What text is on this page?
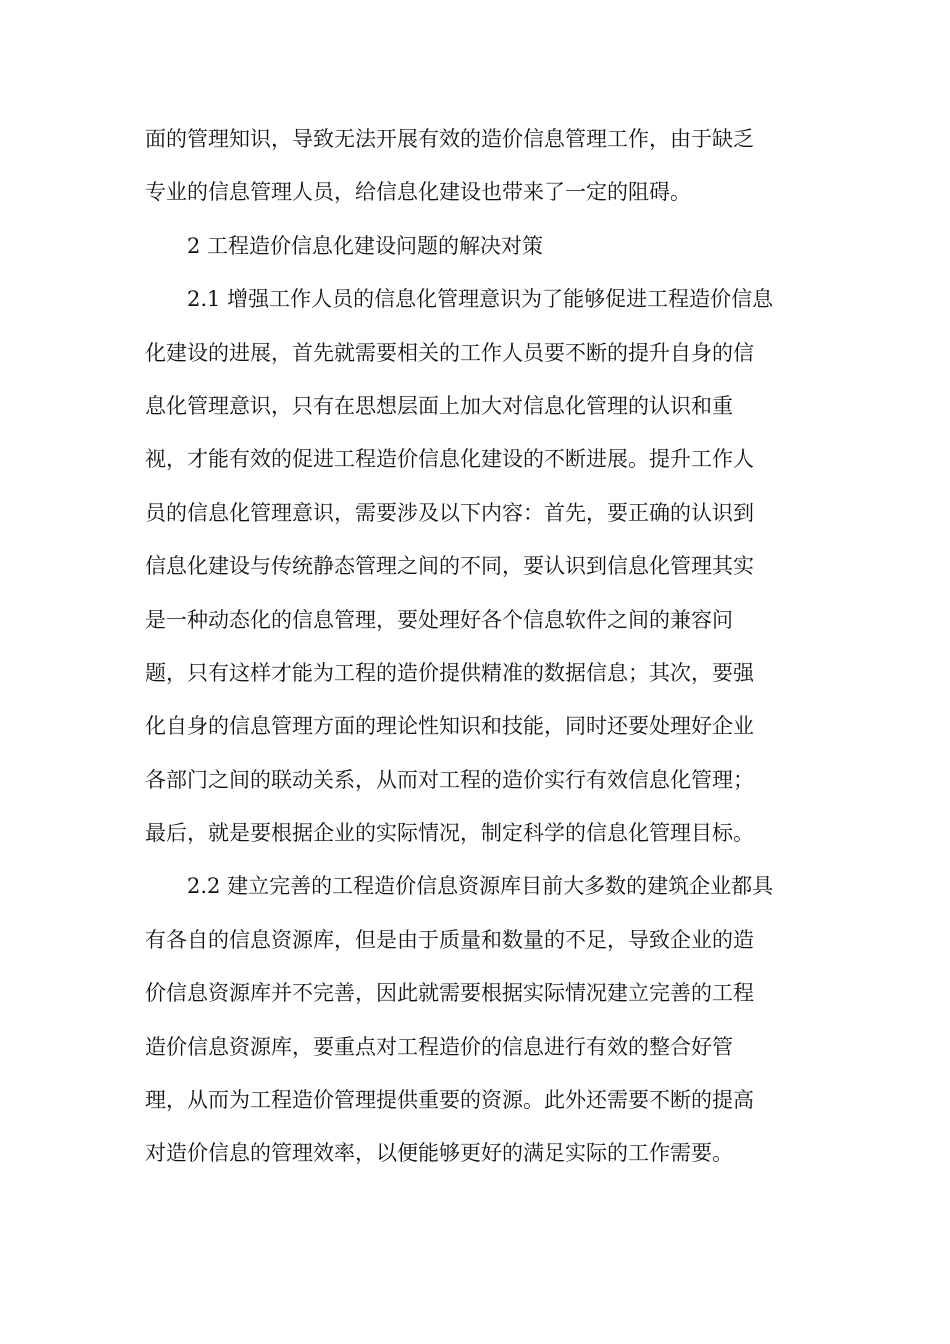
面的管理知识，导致无法开展有效的造价信息管理工作，由于缺乏
专业的信息管理人员，给信息化建设也带来了一定的阻碍。
2 工程造价信息化建设问题的解决对策
2.1 增强工作人员的信息化管理意识为了能够促进工程造价信息
化建设的进展，首先就需要相关的工作人员要不断的提升自身的信
息化管理意识，只有在思想层面上加大对信息化管理的认识和重
视，才能有效的促进工程造价信息化建设的不断进展。提升工作人
员的信息化管理意识，需要涉及以下内容：首先，要正确的认识到
信息化建设与传统静态管理之间的不同，要认识到信息化管理其实
是一种动态化的信息管理，要处理好各个信息软件之间的兼容问
题，只有这样才能为工程的造价提供精准的数据信息；其次，要强
化自身的信息管理方面的理论性知识和技能，同时还要处理好企业
各部门之间的联动关系，从而对工程的造价实行有效信息化管理；
最后，就是要根据企业的实际情况，制定科学的信息化管理目标。
2.2 建立完善的工程造价信息资源库目前大多数的建筑企业都具
有各自的信息资源库，但是由于质量和数量的不足，导致企业的造
价信息资源库并不完善，因此就需要根据实际情况建立完善的工程
造价信息资源库，要重点对工程造价的信息进行有效的整合好管
理，从而为工程造价管理提供重要的资源。此外还需要不断的提高
对造价信息的管理效率，以便能够更好的满足实际的工作需要。
